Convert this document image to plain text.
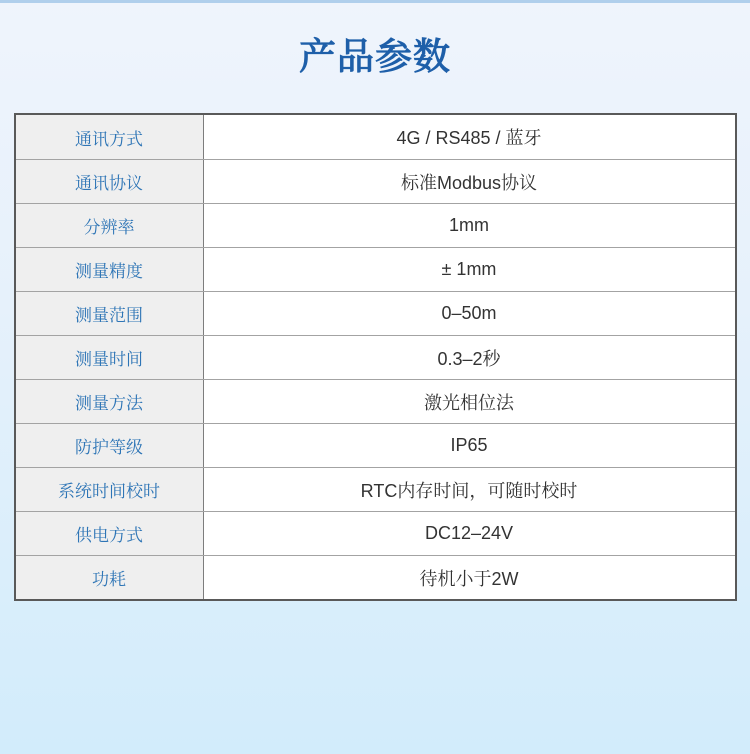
产品参数
通讯方式	4G / RS485 / 蓝牙
通讯协议	标准Modbus协议
分辨率	1mm
测量精度	± 1mm
测量范围	0–50m
测量时间	0.3–2秒
测量方法	激光相位法
防护等级	IP65
系统时间校时	RTC内存时间，可随时校时
供电方式	DC12–24V
功耗	待机小于2W
